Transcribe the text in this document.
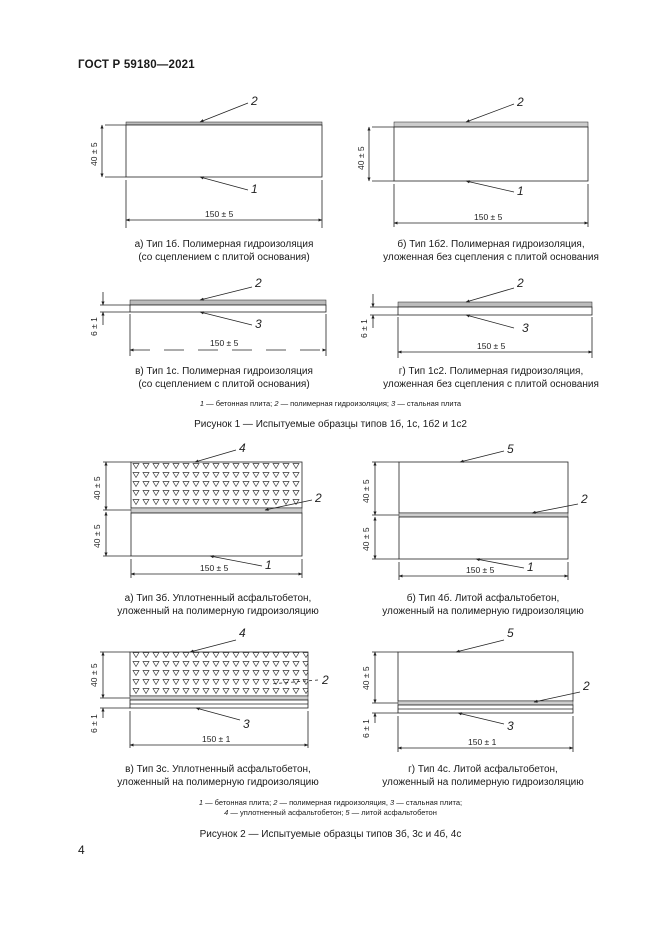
ГОСТ Р 59180—2021
2
1
2
1
2
3
2
3
4
2
1
5
2
1
4
2
3
5
2
3
150 ± 5	150 ± 5
150 ± 5	150 ± 5
150 ± 5	150 ± 5
150 ± 1	150 ± 1
40 ± 5	40 ± 5
6 ± 1	6 ± 1
40 ± 5
40 ± 5
40 ± 5
40 ± 5
40 ± 5
6 ± 1
40 ± 5
6 ± 1
а) Тип 1б. Полимерная гидроизоляция
(со сцеплением с плитой основания)
б) Тип 1б2. Полимерная гидроизоляция,
уложенная без сцепления с плитой основания
в) Тип 1с. Полимерная гидроизоляция
(со сцеплением с плитой основания)
г) Тип 1с2. Полимерная гидроизоляция,
уложенная без сцепления с плитой основания
1 — бетонная плита; 2 — полимерная гидроизоляция; 3 — стальная плита
Рисунок 1 — Испытуемые образцы типов 1б, 1с, 1б2 и 1с2
а) Тип 3б. Уплотненный асфальтобетон,
уложенный на полимерную гидроизоляцию
б) Тип 4б. Литой асфальтобетон,
уложенный на полимерную гидроизоляцию
в) Тип 3с. Уплотненный асфальтобетон,
уложенный на полимерную гидроизоляцию
г) Тип 4с. Литой асфальтобетон,
уложенный на полимерную гидроизоляцию
1 — бетонная плита; 2 — полимерная гидроизоляция, 3 — стальная плита;
4 — уплотненный асфальтобетон; 5 — литой асфальтобетон
Рисунок 2 — Испытуемые образцы типов 3б, 3с и 4б, 4с
4
